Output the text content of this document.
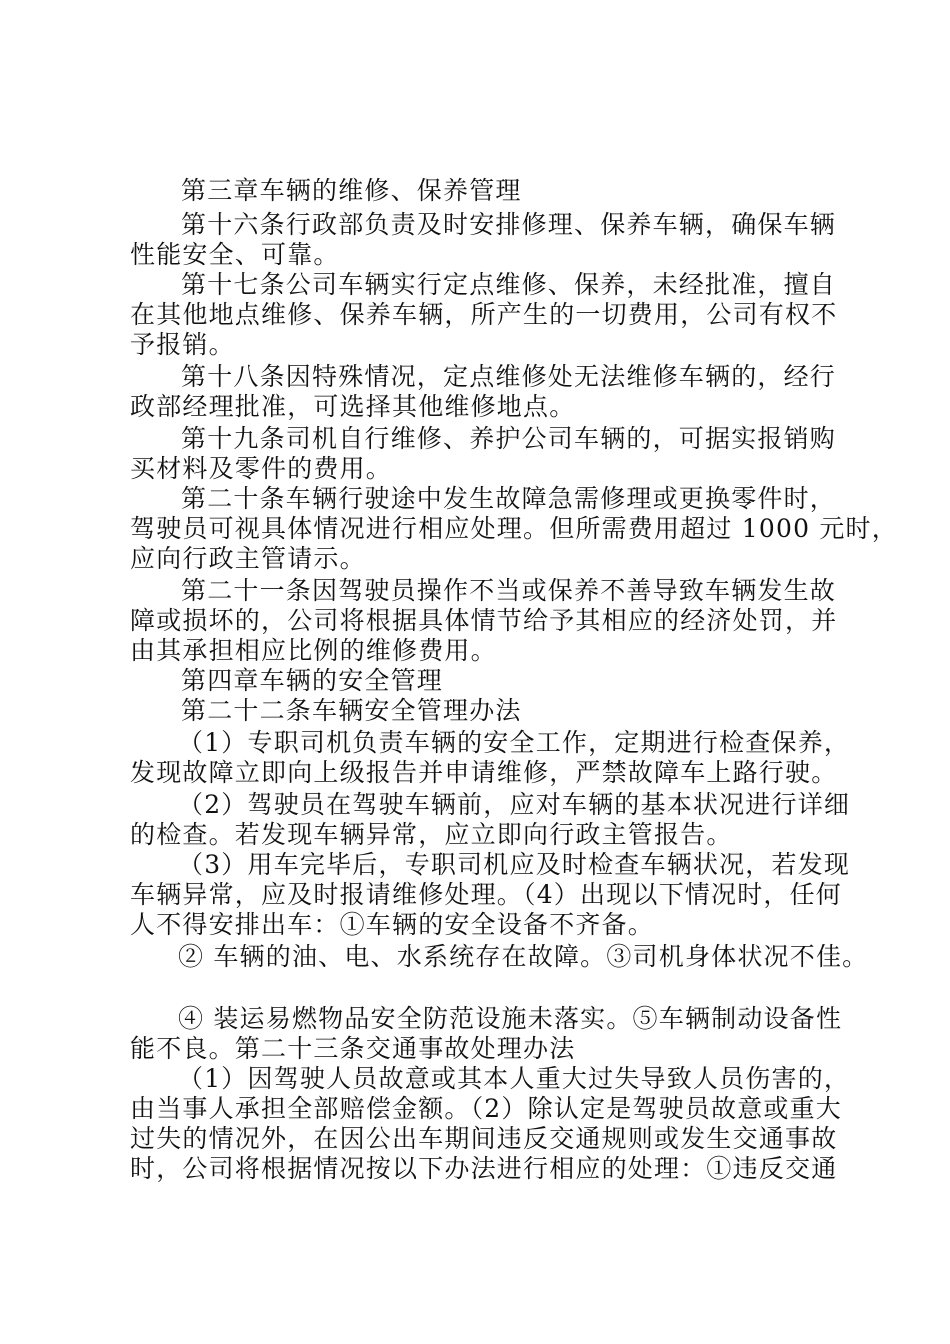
第三章车辆的维修、保养管理
第十六条行政部负责及时安排修理、保养车辆，确保车辆
性能安全、可靠。
第十七条公司车辆实行定点维修、保养，未经批准，擅自
在其他地点维修、保养车辆，所产生的一切费用，公司有权不
予报销。
第十八条因特殊情况，定点维修处无法维修车辆的，经行
政部经理批准，可选择其他维修地点。
第十九条司机自行维修、养护公司车辆的，可据实报销购
买材料及零件的费用。
第二十条车辆行驶途中发生故障急需修理或更换零件时，
驾驶员可视具体情况进行相应处理。但所需费用超过 1000 元时，
应向行政主管请示。
第二十一条因驾驶员操作不当或保养不善导致车辆发生故
障或损坏的，公司将根据具体情节给予其相应的经济处罚，并
由其承担相应比例的维修费用。
第四章车辆的安全管理
第二十二条车辆安全管理办法
（1）专职司机负责车辆的安全工作，定期进行检查保养，
发现故障立即向上级报告并申请维修，严禁故障车上路行驶。
（2）驾驶员在驾驶车辆前，应对车辆的基本状况进行详细
的检查。若发现车辆异常，应立即向行政主管报告。
（3）用车完毕后，专职司机应及时检查车辆状况，若发现
车辆异常，应及时报请维修处理。（4）出现以下情况时，任何
人不得安排出车：①车辆的安全设备不齐备。
② 车辆的油、电、水系统存在故障。③司机身体状况不佳。
④ 装运易燃物品安全防范设施未落实。⑤车辆制动设备性
能不良。第二十三条交通事故处理办法
（1）因驾驶人员故意或其本人重大过失导致人员伤害的，
由当事人承担全部赔偿金额。（2）除认定是驾驶员故意或重大
过失的情况外，在因公出车期间违反交通规则或发生交通事故
时，公司将根据情况按以下办法进行相应的处理：①违反交通
